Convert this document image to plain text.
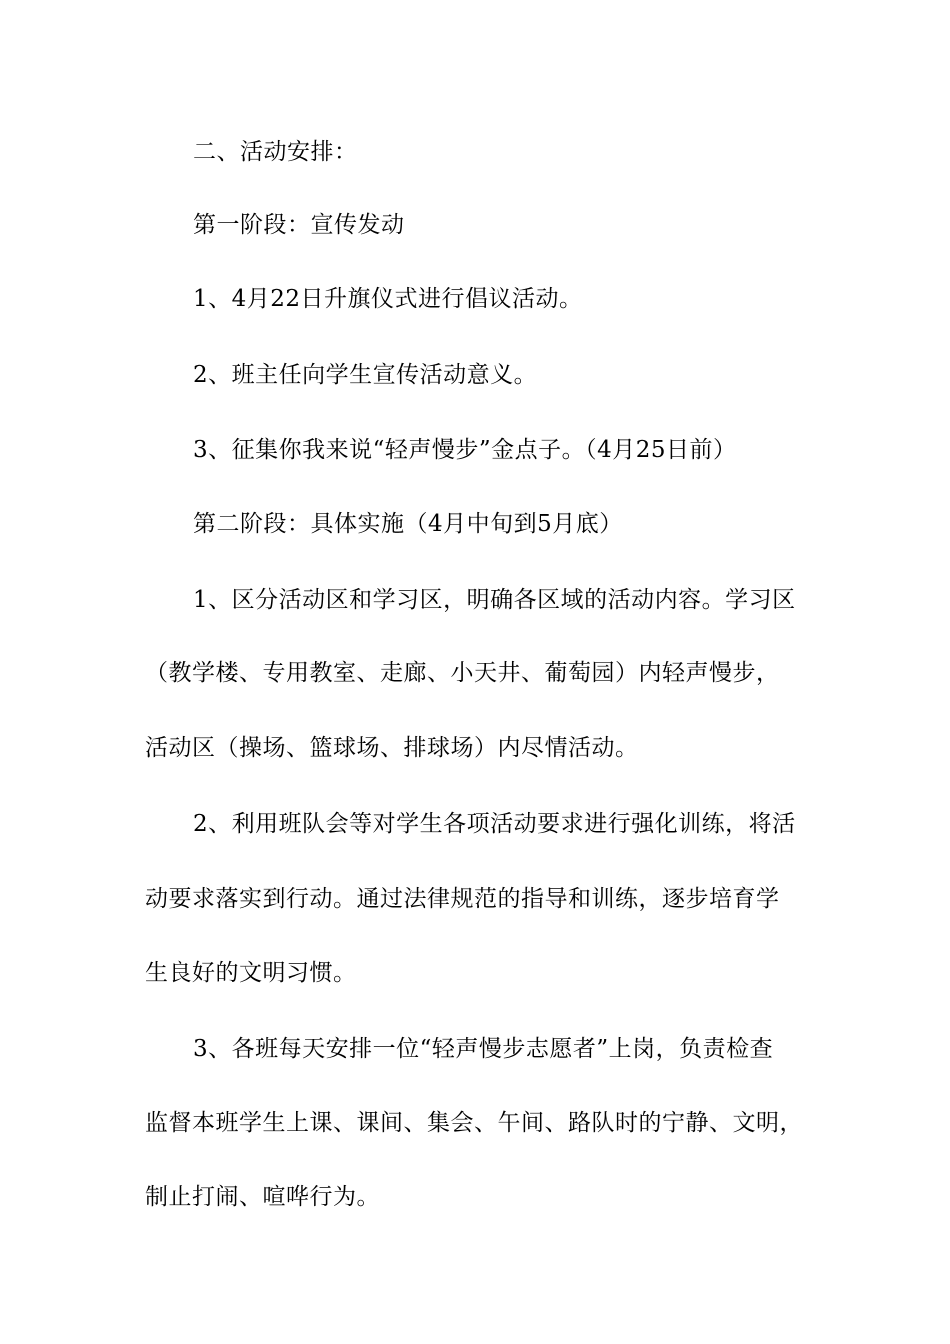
二、活动安排：
第一阶段：宣传发动
1、4月22日升旗仪式进行倡议活动。
2、班主任向学生宣传活动意义。
3、征集你我来说“轻声慢步”金点子。（4月25日前）
第二阶段：具体实施（4月中旬到5月底）
1、区分活动区和学习区，明确各区域的活动内容。学习区
（教学楼、专用教室、走廊、小天井、葡萄园）内轻声慢步，
活动区（操场、篮球场、排球场）内尽情活动。
2、利用班队会等对学生各项活动要求进行强化训练，将活
动要求落实到行动。通过法律规范的指导和训练，逐步培育学
生良好的文明习惯。
3、各班每天安排一位“轻声慢步志愿者”上岗，负责检查
监督本班学生上课、课间、集会、午间、路队时的宁静、文明，
制止打闹、喧哗行为。
